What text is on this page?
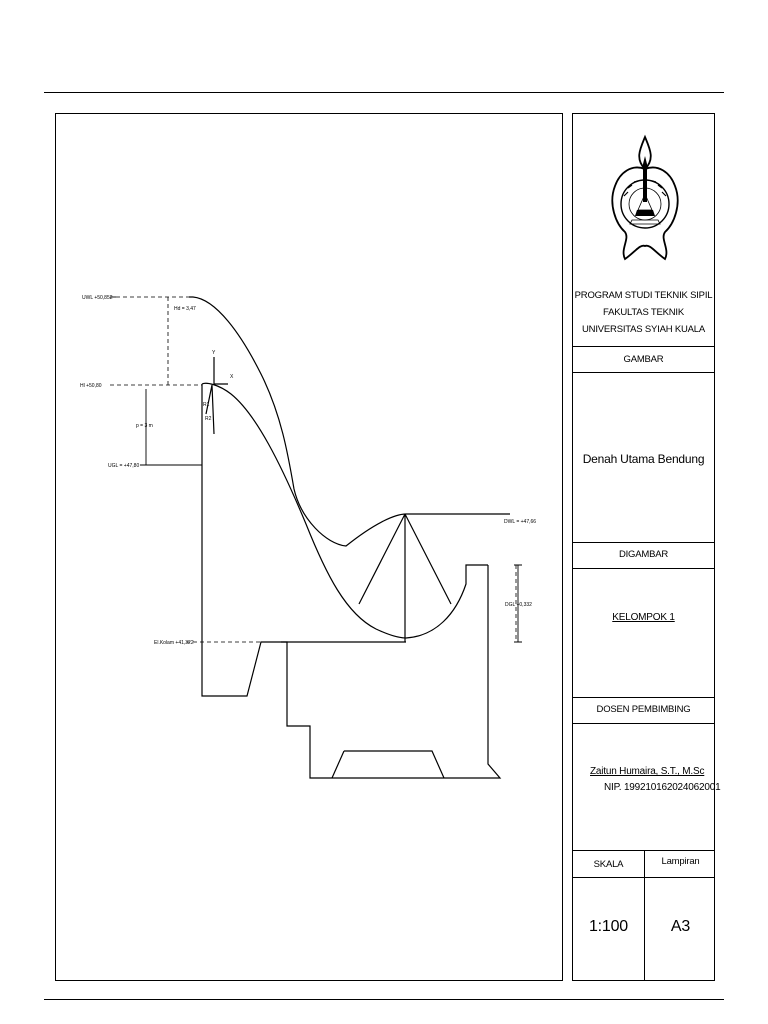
UWL +50,852
Hd = 3,47
Hl +50,80
p = 3 m
UGL = +47,80
DWL = +47,66
DGL +0,332
El.Kolam +41,322
Y
X
R1
R2
PROGRAM STUDI TEKNIK SIPIL
FAKULTAS TEKNIK
UNIVERSITAS SYIAH KUALA
GAMBAR
Denah Utama Bendung
DIGAMBAR
KELOMPOK 1
DOSEN PEMBIMBING
Zaitun Humaira, S.T., M.Sc
NIP. 199210162024062001
SKALA	Lampiran
1:100	A3
